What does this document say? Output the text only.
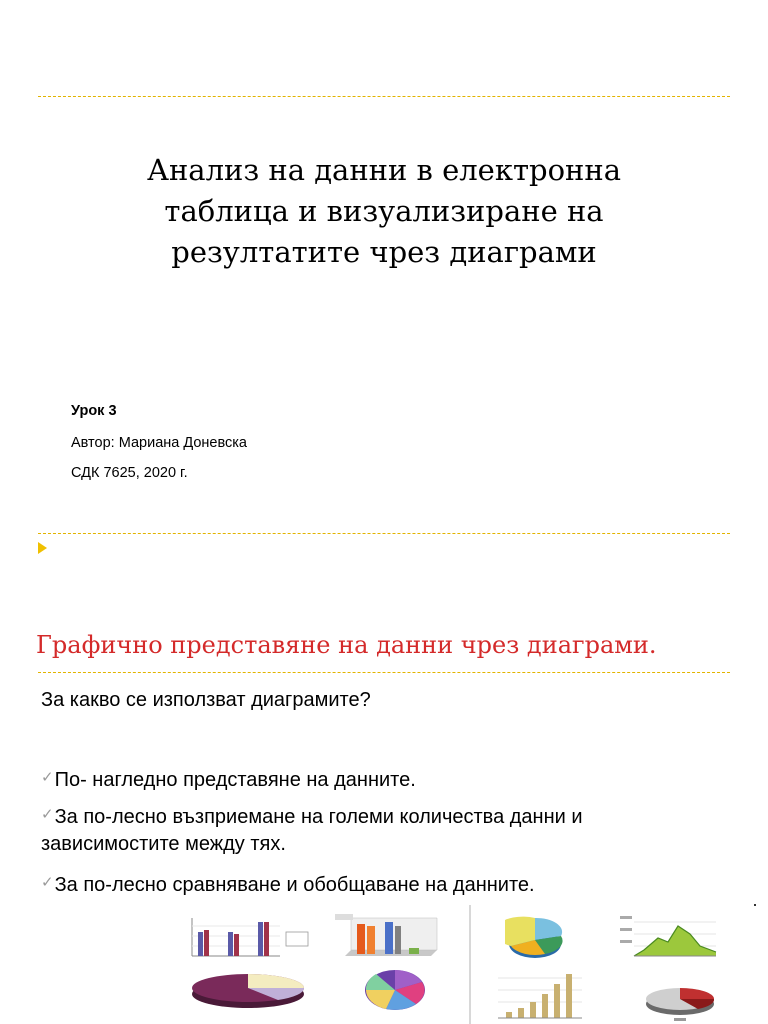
Анализ на данни в електронна
таблица и визуализиране на
резултатите чрез диаграми
Урок 3
Автор: Мариана Доневска
СДК 7625, 2020 г.
Графично представяне на данни чрез диаграми.
За какво се използват диаграмите?
✓По- нагледно представяне на данните.
✓За по-лесно възприемане на големи количества данни и
зависимостите между тях.
✓За по-лесно сравняване и обобщаване на данните.
